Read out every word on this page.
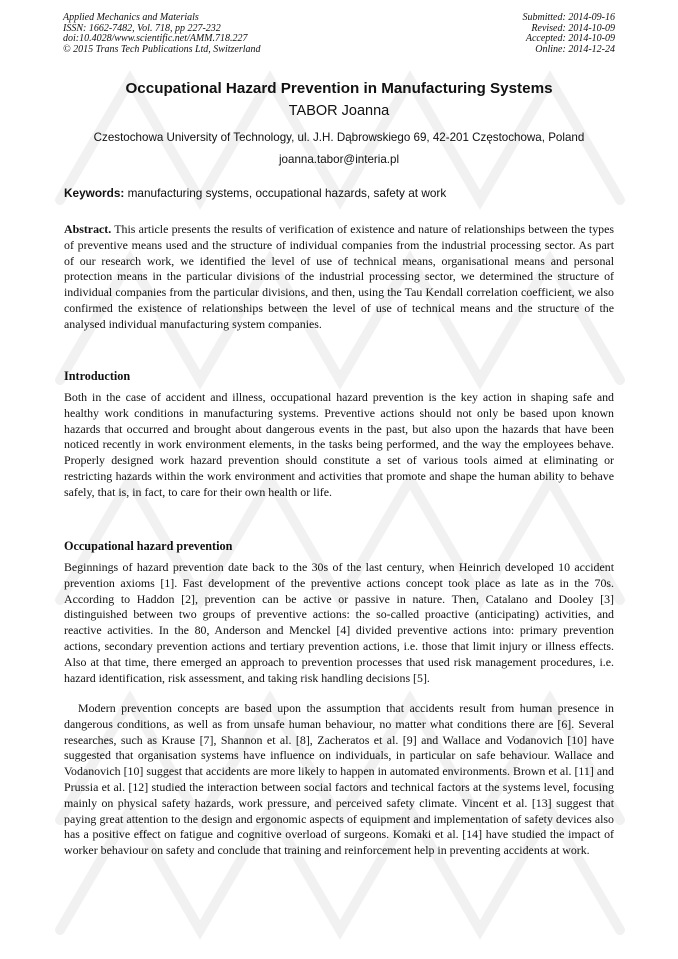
Applied Mechanics and Materials
ISSN: 1662-7482, Vol. 718, pp 227-232
doi:10.4028/www.scientific.net/AMM.718.227
© 2015 Trans Tech Publications Ltd, Switzerland
Submitted: 2014-09-16
Revised: 2014-10-09
Accepted: 2014-10-09
Online: 2014-12-24
Occupational Hazard Prevention in Manufacturing Systems
TABOR Joanna
Czestochowa University of Technology, ul. J.H. Dąbrowskiego 69, 42-201 Częstochowa, Poland
joanna.tabor@interia.pl
Keywords: manufacturing systems, occupational hazards, safety at work

Abstract. This article presents the results of verification of existence and nature of relationships between the types of preventive means used and the structure of individual companies from the industrial processing sector. As part of our research work, we identified the level of use of technical means, organisational means and personal protection means in the particular divisions of the industrial processing sector, we determined the structure of individual companies from the particular divisions, and then, using the Tau Kendall correlation coefficient, we also confirmed the existence of relationships between the level of use of technical means and the structure of the analysed individual manufacturing system companies.

Introduction

Both in the case of accident and illness, occupational hazard prevention is the key action in shaping safe and healthy work conditions in manufacturing systems. Preventive actions should not only be based upon known hazards that occurred and brought about dangerous events in the past, but also upon the hazards that have been noticed recently in work environment elements, in the tasks being performed, and the way the employees behave. Properly designed work hazard prevention should constitute a set of various tools aimed at eliminating or restricting hazards within the work environment and activities that promote and shape the human ability to behave safely, that is, in fact, to care for their own health or life.

Occupational hazard prevention

Beginnings of hazard prevention date back to the 30s of the last century, when Heinrich developed 10 accident prevention axioms [1]. Fast development of the preventive actions concept took place as late as in the 70s. According to Haddon [2], prevention can be active or passive in nature. Then, Catalano and Dooley [3] distinguished between two groups of preventive actions: the so-called proactive (anticipating) activities, and reactive activities. In the 80, Anderson and Menckel [4] divided preventive actions into: primary prevention actions, secondary prevention actions and tertiary prevention actions, i.e. those that limit injury or illness effects. Also at that time, there emerged an approach to prevention processes that used risk management procedures, i.e. hazard identification, risk assessment, and taking risk handling decisions [5].

Modern prevention concepts are based upon the assumption that accidents result from human presence in dangerous conditions, as well as from unsafe human behaviour, no matter what conditions there are [6]. Several researches, such as Krause [7], Shannon et al. [8], Zacheratos et al. [9] and Wallace and Vodanovich [10] have suggested that organisation systems have influence on individuals, in particular on safe behaviour. Wallace and Vodanovich [10] suggest that accidents are more likely to happen in automated environments. Brown et al. [11] and Prussia et al. [12] studied the interaction between social factors and technical factors at the systems level, focusing mainly on physical safety hazards, work pressure, and perceived safety climate. Vincent et al. [13] suggest that paying great attention to the design and ergonomic aspects of equipment and implementation of safety devices also has a positive effect on fatigue and cognitive overload of surgeons. Komaki et al. [14] have studied the impact of worker behaviour on safety and conclude that training and reinforcement help in preventing accidents at work.
